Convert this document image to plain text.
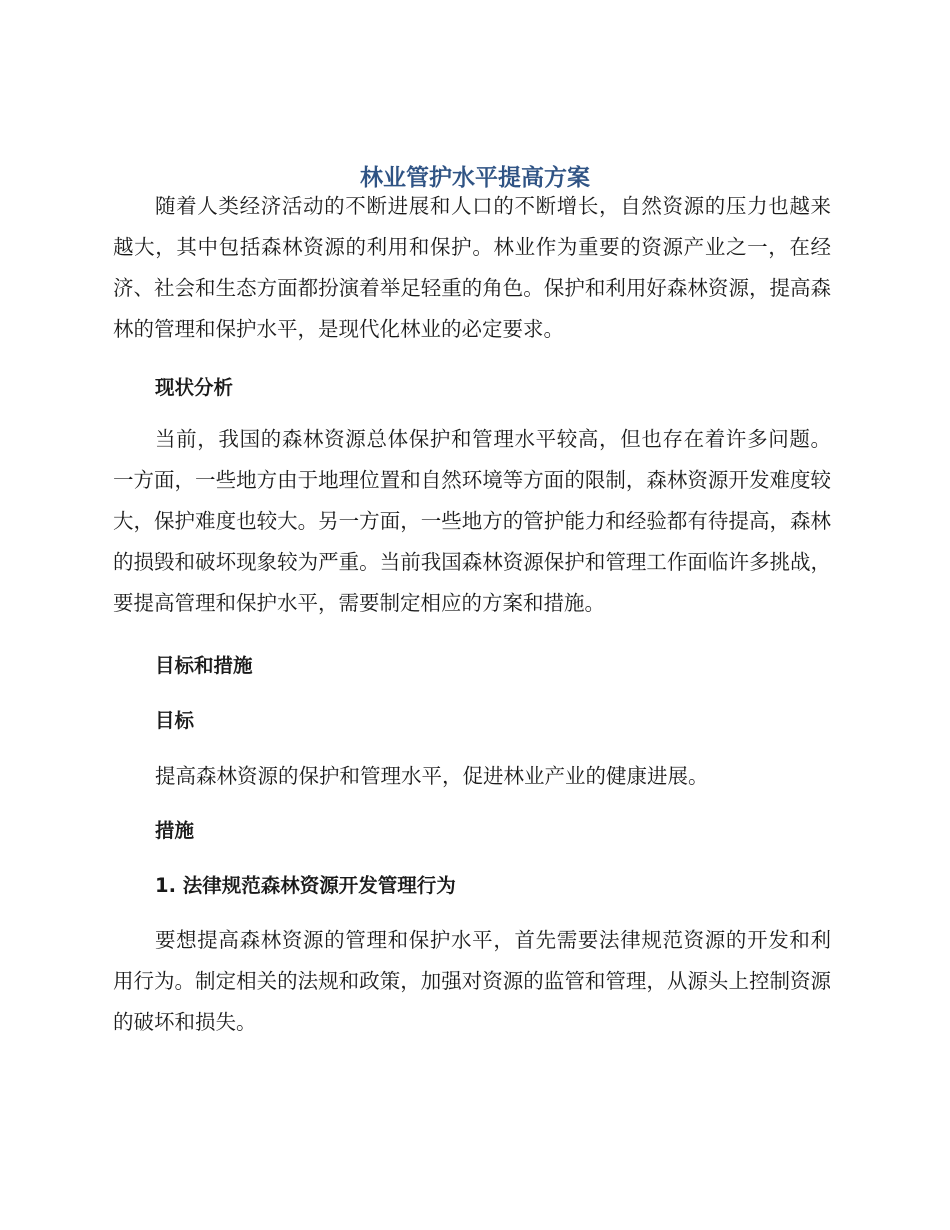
林业管护水平提高方案

随着人类经济活动的不断进展和人口的不断增长，自然资源的压力也越来越大，其中包括森林资源的利用和保护。林业作为重要的资源产业之一，在经济、社会和生态方面都扮演着举足轻重的角色。保护和利用好森林资源，提高森林的管理和保护水平，是现代化林业的必定要求。

现状分析

当前，我国的森林资源总体保护和管理水平较高，但也存在着许多问题。一方面，一些地方由于地理位置和自然环境等方面的限制，森林资源开发难度较大，保护难度也较大。另一方面，一些地方的管护能力和经验都有待提高，森林的损毁和破坏现象较为严重。当前我国森林资源保护和管理工作面临许多挑战，要提高管理和保护水平，需要制定相应的方案和措施。

目标和措施
目标

提高森林资源的保护和管理水平，促进林业产业的健康进展。

措施
1. 法律规范森林资源开发管理行为

要想提高森林资源的管理和保护水平，首先需要法律规范资源的开发和利用行为。制定相关的法规和政策，加强对资源的监管和管理，从源头上控制资源的破坏和损失。
